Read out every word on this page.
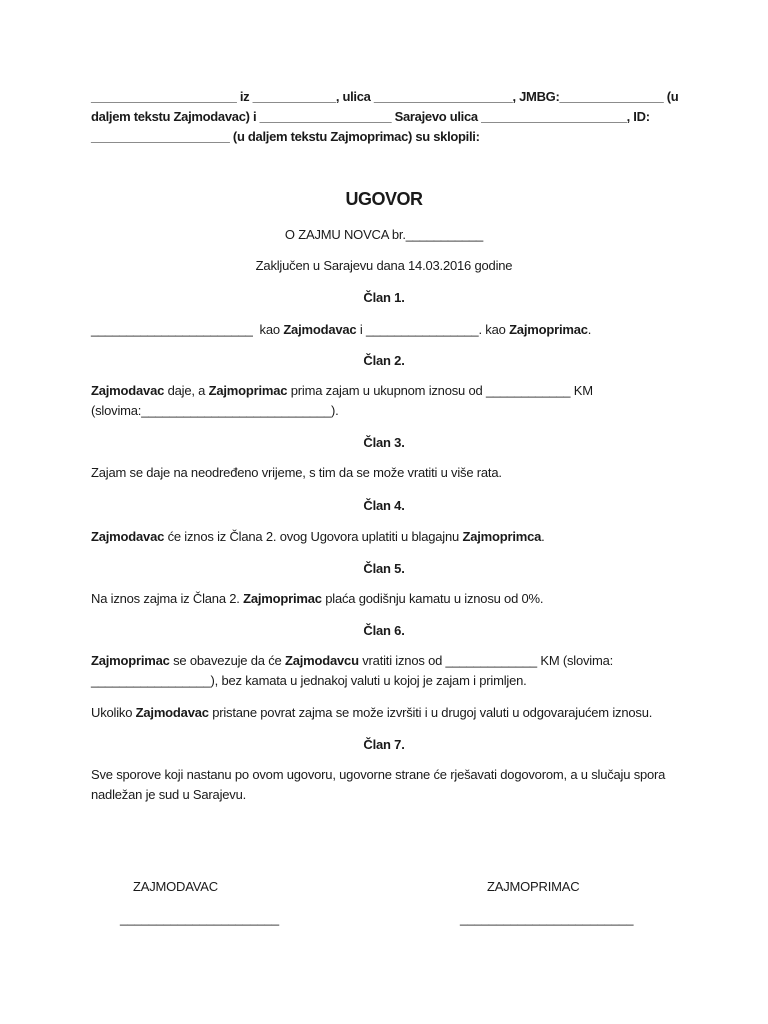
_____________________ iz ____________, ulica ____________________, JMBG:_______________ (u
daljem tekstu Zajmodavac) i ___________________ Sarajevo ulica _____________________, ID:
____________________ (u daljem tekstu Zajmoprimac) su sklopili:
UGOVOR
O ZAJMU NOVCA br.___________
Zaključen u Sarajevu dana 14.03.2016 godine
Član 1.
_______________________  kao Zajmodavac i ________________. kao Zajmoprimac.
Član 2.
Zajmodavac daje, a Zajmoprimac prima zajam u ukupnom iznosu od ____________ KM
(slovima:___________________________).
Član 3.
Zajam se daje na neodređeno vrijeme, s tim da se može vratiti u više rata.
Član 4.
Zajmodavac će iznos iz Člana 2. ovog Ugovora uplatiti u blagajnu Zajmoprimca.
Član 5.
Na iznos zajma iz Člana 2. Zajmoprimac plaća godišnju kamatu u iznosu od 0%.
Član 6.
Zajmoprimac se obavezuje da će Zajmodavcu vratiti iznos od _____________ KM (slovima:
_________________), bez kamata u jednakoj valuti u kojoj je zajam i primljen.
Ukoliko Zajmodavac pristane povrat zajma se može izvršiti i u drugoj valuti u odgovarajućem iznosu.
Član 7.
Sve sporove koji nastanu po ovom ugovoru, ugovorne strane će rješavati dogovorom, a u slučaju spora nadležan je sud u Sarajevu.
ZAJMODAVAC
______________________
ZAJMOPRIMAC
________________________
